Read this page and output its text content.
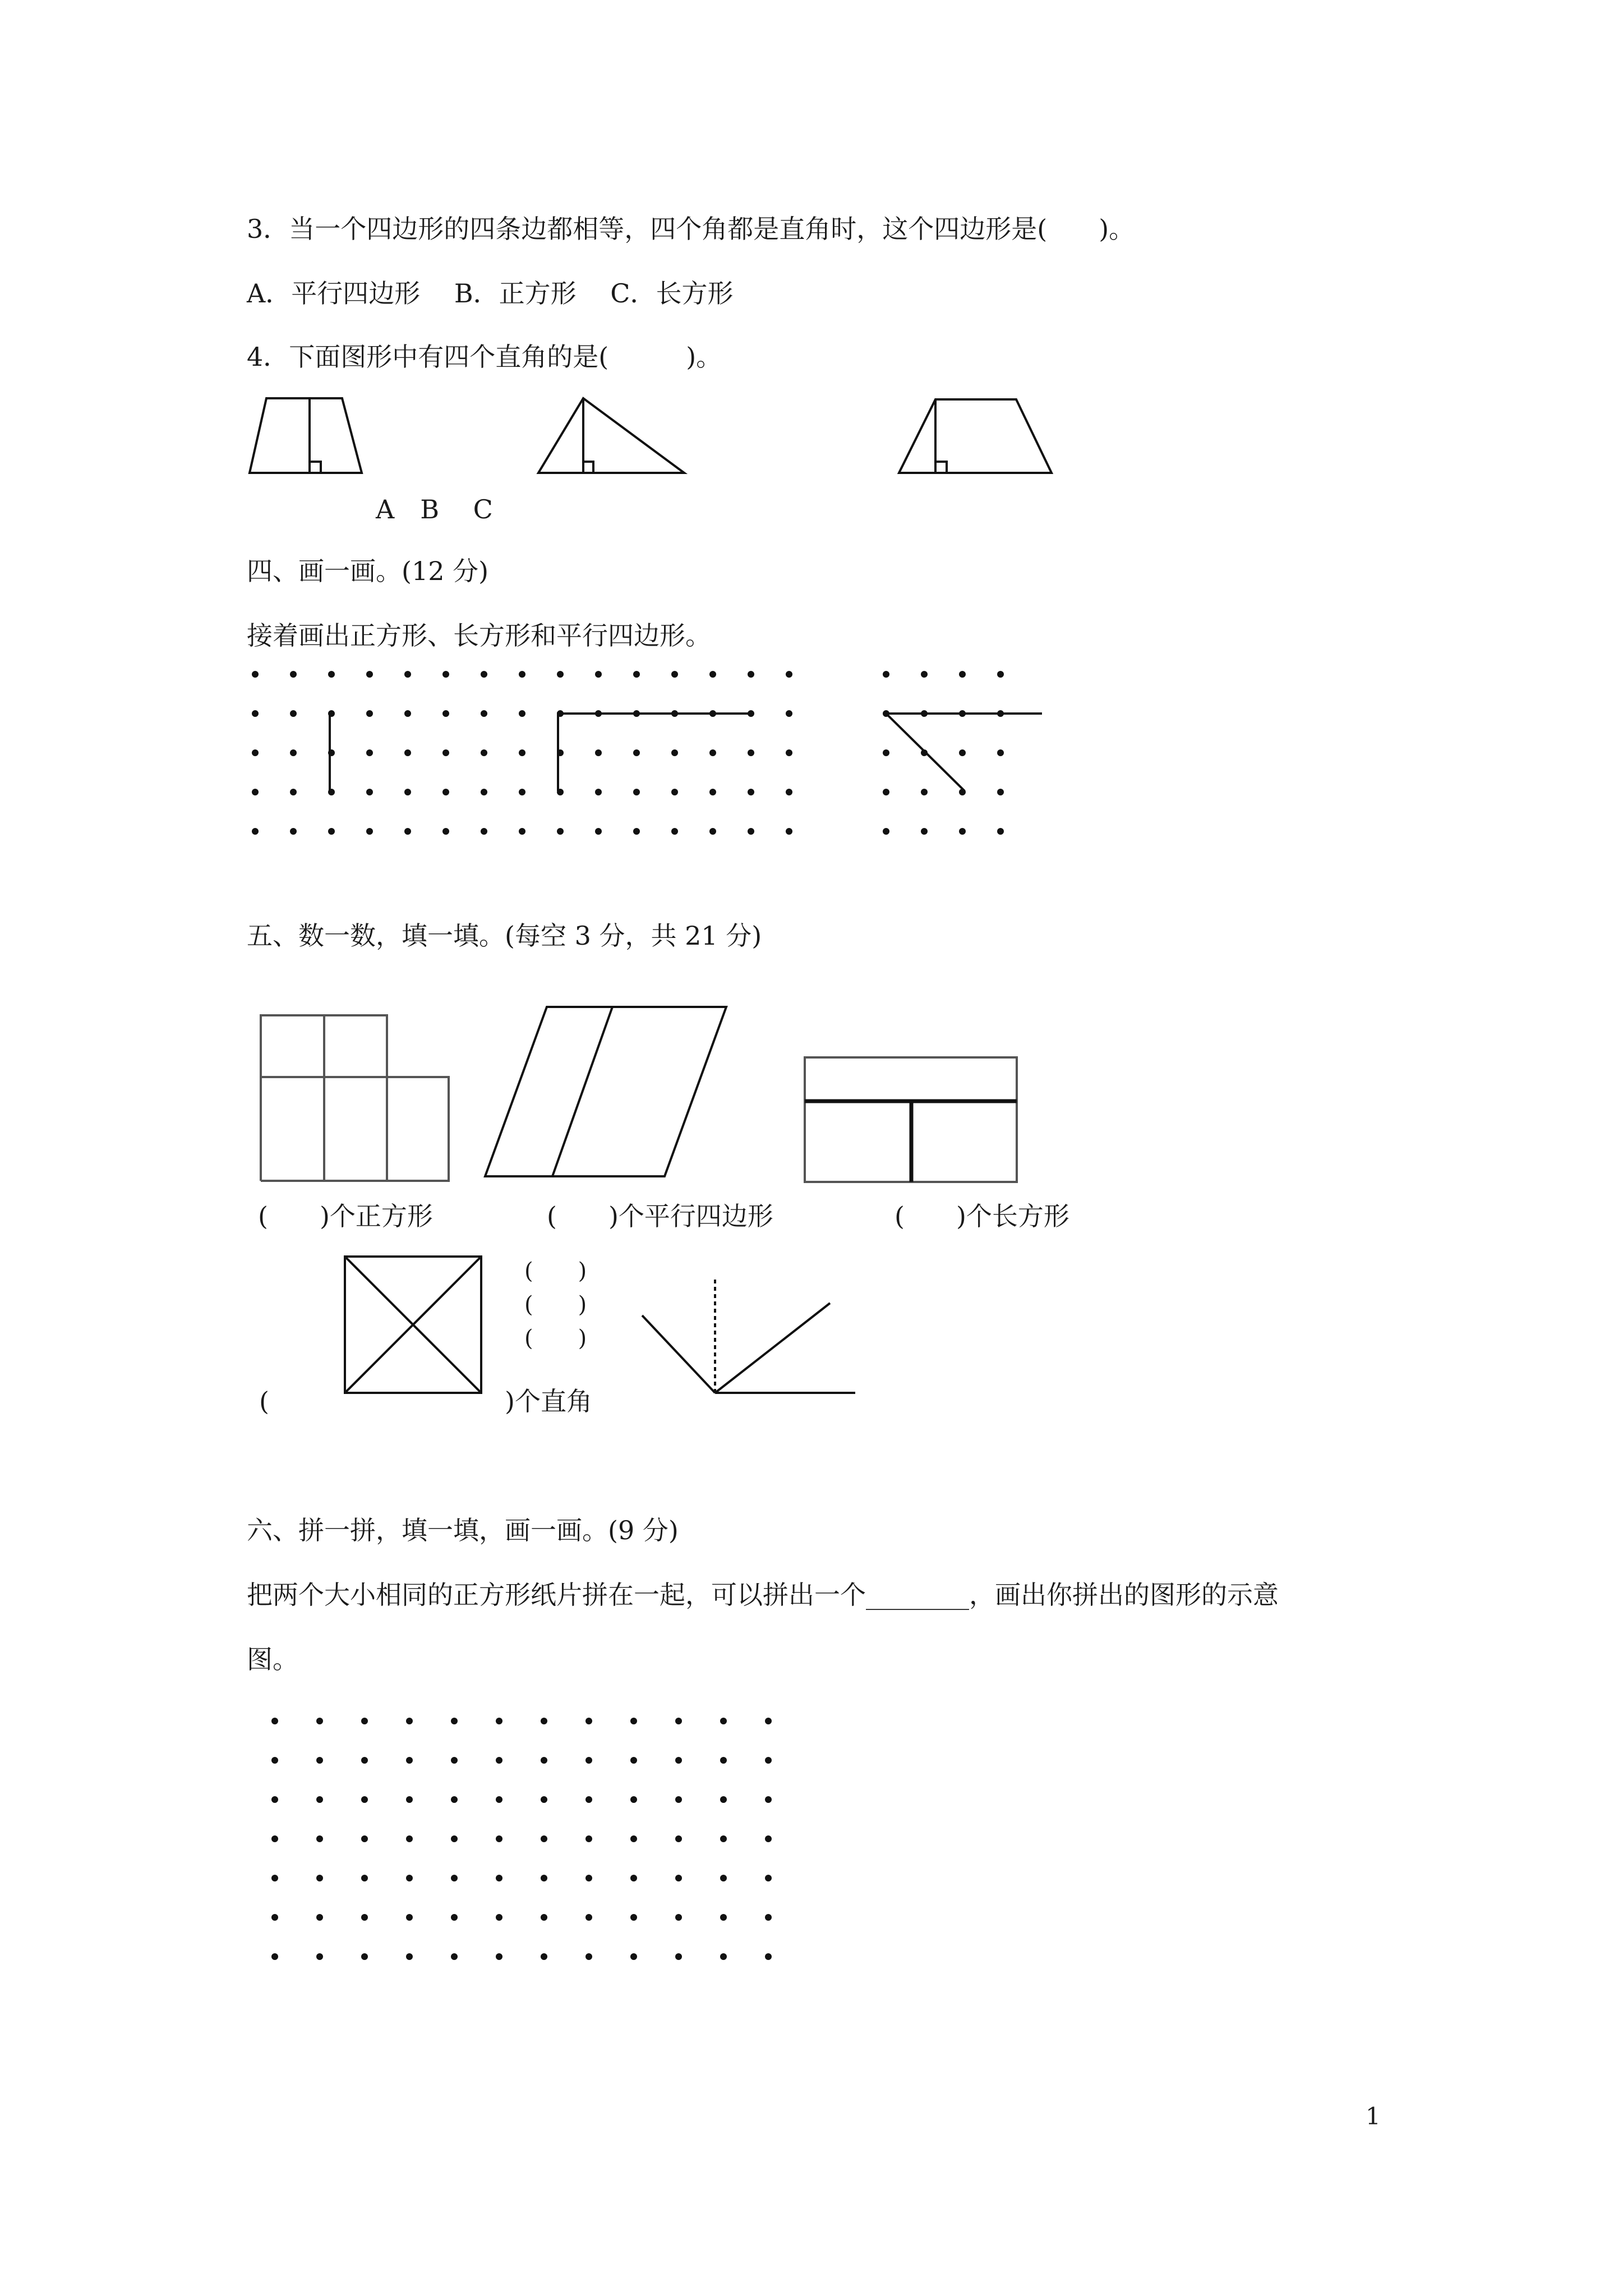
3．当一个四边形的四条边都相等，四个角都是直角时，这个四边形是(　　)。
A．平行四边形　 B．正方形　 C．长方形
4．下面图形中有四个直角的是(　　　)。
A　B　 C
四、画一画。(12 分)
接着画出正方形、长方形和平行四边形。
五、数一数，填一填。(每空 3 分，共 21 分)
(　　)个正方形	(　　)个平行四边形	(　　)个长方形
(　　)
(　　)
(　　)
(	)个直角
六、拼一拼，填一填，画一画。(9 分)
把两个大小相同的正方形纸片拼在一起，可以拼出一个________，画出你拼出的图形的示意
图。
1
